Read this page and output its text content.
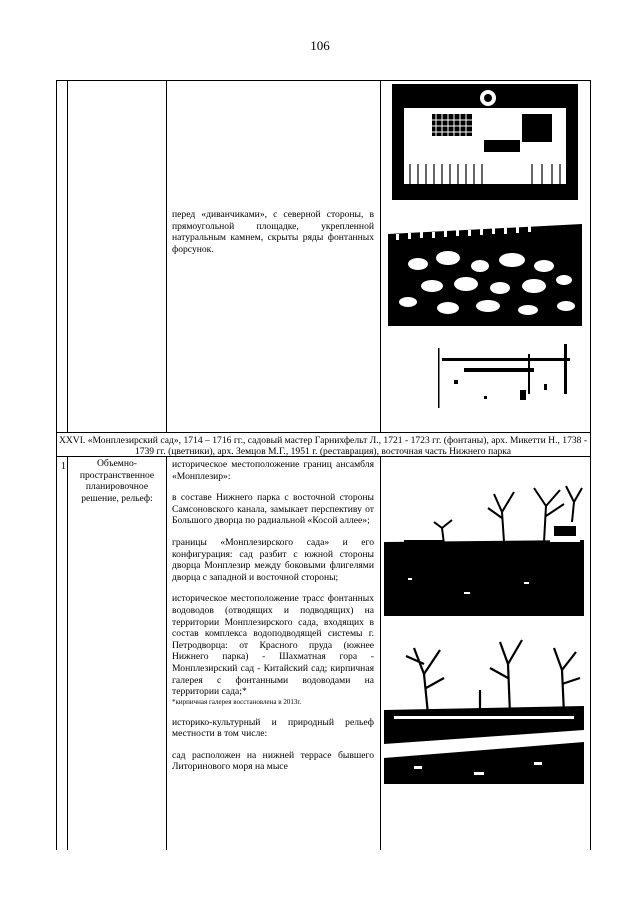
106

перед «диванчиками», с северной стороны, в прямоугольной площадке, укрепленной натуральным камнем, скрыты ряды фонтанных форсунок.

XXVI. «Монплезирский сад», 1714 – 1716 гг., садовый мастер Гарнихфельт Л., 1721 - 1723 гг. (фонтаны), арх. Микетти Н., 1738 - 1739 гг. (цветники), арх. Земцов М.Г., 1951 г. (реставрация), восточная часть Нижнего парка
1	Объемно-пространственное планировочное решение, рельеф:

историческое местоположение границ ансамбля «Монплезир»:

в составе Нижнего парка с восточной стороны Самсоновского канала, замыкает перспективу от Большого дворца по радиальной «Косой аллее»;

границы «Монплезирского сада» и его конфигурация: сад разбит с южной стороны дворца Монплезир между боковыми флигелями дворца с западной и восточной стороны;

историческое местоположение трасс фонтанных водоводов (отводящих и подводящих) на территории Монплезирского сада, входящих в состав комплекса водоподводящей системы г. Петродворца: от Красного пруда (южнее Нижнего парка) - Шахматная гора - Монплезирский сад - Китайский сад; кирпичная галерея с фонтанными водоводами на территории сада;*

*кирпичная галерея восстановлена в 2013г.

историко-культурный и природный рельеф местности в том числе:

сад расположен на нижней террасе бывшего Литоринового моря на мысе
